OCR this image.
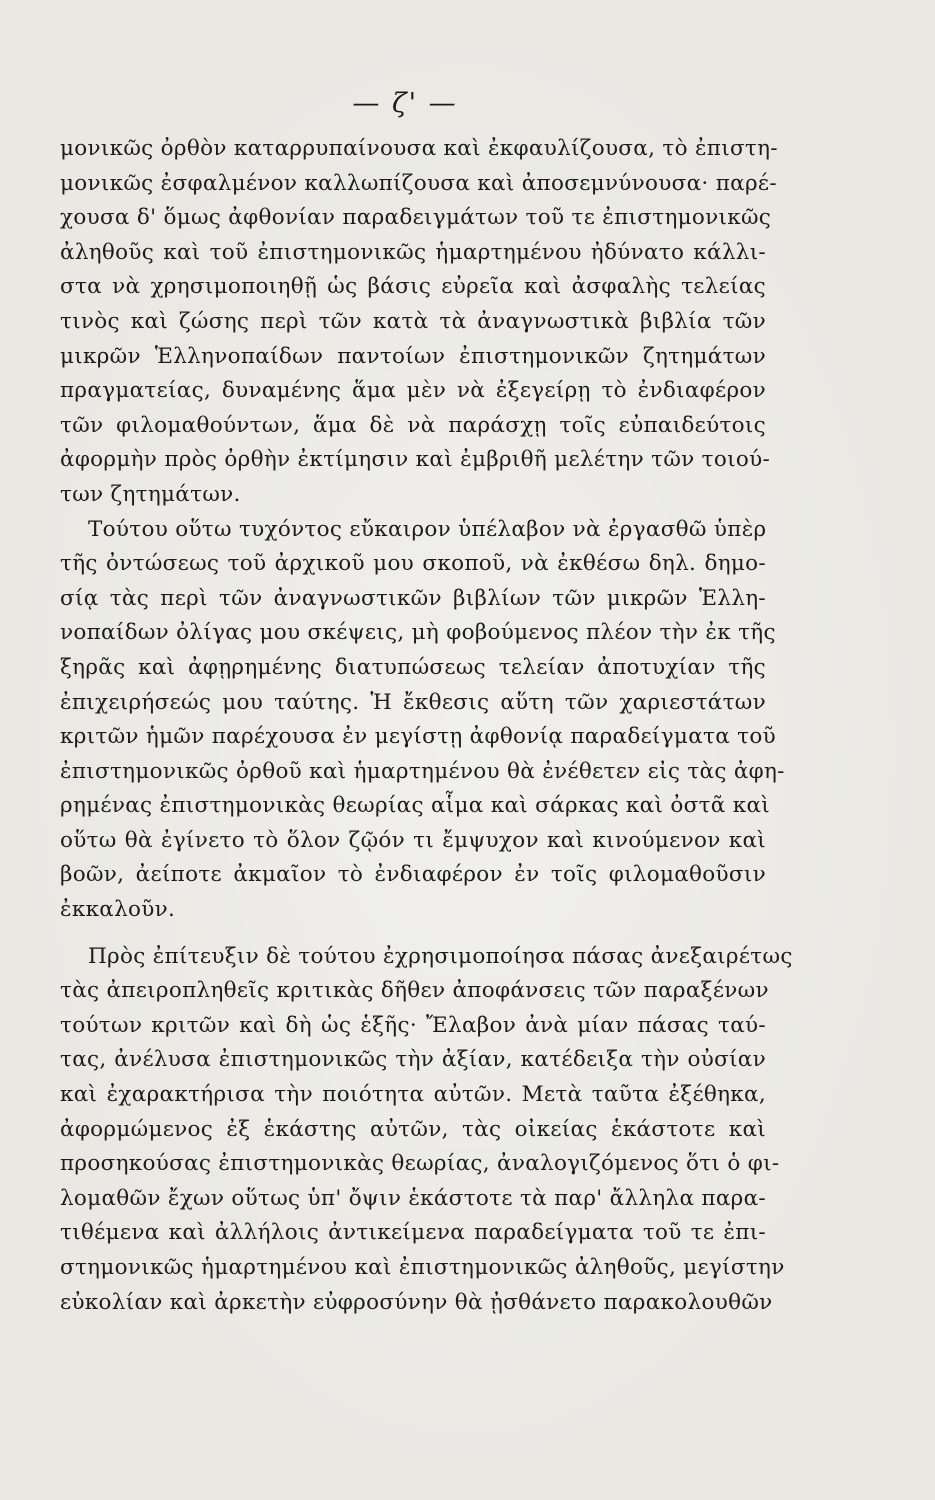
— ζ' —
μονικῶς ὀρθὸν καταρρυπαίνουσα καὶ ἐκφαυλίζουσα, τὸ ἐπιστη-
μονικῶς ἐσφαλμένον καλλωπίζουσα καὶ ἀποσεμνύνουσα· παρέ-
χουσα δ' ὅμως ἀφθονίαν παραδειγμάτων τοῦ τε ἐπιστημονικῶς
ἀληθοῦς καὶ τοῦ ἐπιστημονικῶς ἡμαρτημένου ἠδύνατο κάλλι-
στα νὰ χρησιμοποιηθῇ ὡς βάσις εὐρεῖα καὶ ἀσφαλὴς τελείας
τινὸς καὶ ζώσης περὶ τῶν κατὰ τὰ ἀναγνωστικὰ βιβλία τῶν
μικρῶν Ἑλληνοπαίδων παντοίων ἐπιστημονικῶν ζητημάτων
πραγματείας, δυναμένης ἅμα μὲν νὰ ἐξεγείρῃ τὸ ἐνδιαφέρον
τῶν φιλομαθούντων, ἅμα δὲ νὰ παράσχῃ τοῖς εὐπαιδεύτοις
ἀφορμὴν πρὸς ὀρθὴν ἐκτίμησιν καὶ ἐμβριθῆ μελέτην τῶν τοιού-
των ζητημάτων.
Τούτου οὕτω τυχόντος εὔκαιρον ὑπέλαβον νὰ ἐργασθῶ ὑπὲρ
τῆς ὀντώσεως τοῦ ἀρχικοῦ μου σκοποῦ, νὰ ἐκθέσω δηλ. δημο-
σίᾳ τὰς περὶ τῶν ἀναγνωστικῶν βιβλίων τῶν μικρῶν Ἑλλη-
νοπαίδων ὀλίγας μου σκέψεις, μὴ φοβούμενος πλέον τὴν ἐκ τῆς
ξηρᾶς καὶ ἀφῃρημένης διατυπώσεως τελείαν ἀποτυχίαν τῆς
ἐπιχειρήσεώς μου ταύτης. Ἡ ἔκθεσις αὕτη τῶν χαριεστάτων
κριτῶν ἡμῶν παρέχουσα ἐν μεγίστῃ ἀφθονίᾳ παραδείγματα τοῦ
ἐπιστημονικῶς ὀρθοῦ καὶ ἡμαρτημένου θὰ ἐνέθετεν εἰς τὰς ἀφη-
ρημένας ἐπιστημονικὰς θεωρίας αἷμα καὶ σάρκας καὶ ὀστᾶ καὶ
οὕτω θὰ ἐγίνετο τὸ ὅλον ζῷόν τι ἔμψυχον καὶ κινούμενον καὶ
βοῶν, ἀείποτε ἀκμαῖον τὸ ἐνδιαφέρον ἐν τοῖς φιλομαθοῦσιν
ἐκκαλοῦν.
Πρὸς ἐπίτευξιν δὲ τούτου ἐχρησιμοποίησα πάσας ἀνεξαιρέτως
τὰς ἀπειροπληθεῖς κριτικὰς δῆθεν ἀποφάνσεις τῶν παραξένων
τούτων κριτῶν καὶ δὴ ὡς ἑξῆς· Ἔλαβον ἀνὰ μίαν πάσας ταύ-
τας, ἀνέλυσα ἐπιστημονικῶς τὴν ἀξίαν, κατέδειξα τὴν οὐσίαν
καὶ ἐχαρακτήρισα τὴν ποιότητα αὐτῶν. Μετὰ ταῦτα ἐξέθηκα,
ἀφορμώμενος ἐξ ἑκάστης αὐτῶν, τὰς οἰκείας ἑκάστοτε καὶ
προσηκούσας ἐπιστημονικὰς θεωρίας, ἀναλογιζόμενος ὅτι ὁ φι-
λομαθῶν ἔχων οὕτως ὑπ' ὄψιν ἑκάστοτε τὰ παρ' ἄλληλα παρα-
τιθέμενα καὶ ἀλλήλοις ἀντικείμενα παραδείγματα τοῦ τε ἐπι-
στημονικῶς ἡμαρτημένου καὶ ἐπιστημονικῶς ἀληθοῦς, μεγίστην
εὐκολίαν καὶ ἀρκετὴν εὐφροσύνην θὰ ᾐσθάνετο παρακολουθῶν
